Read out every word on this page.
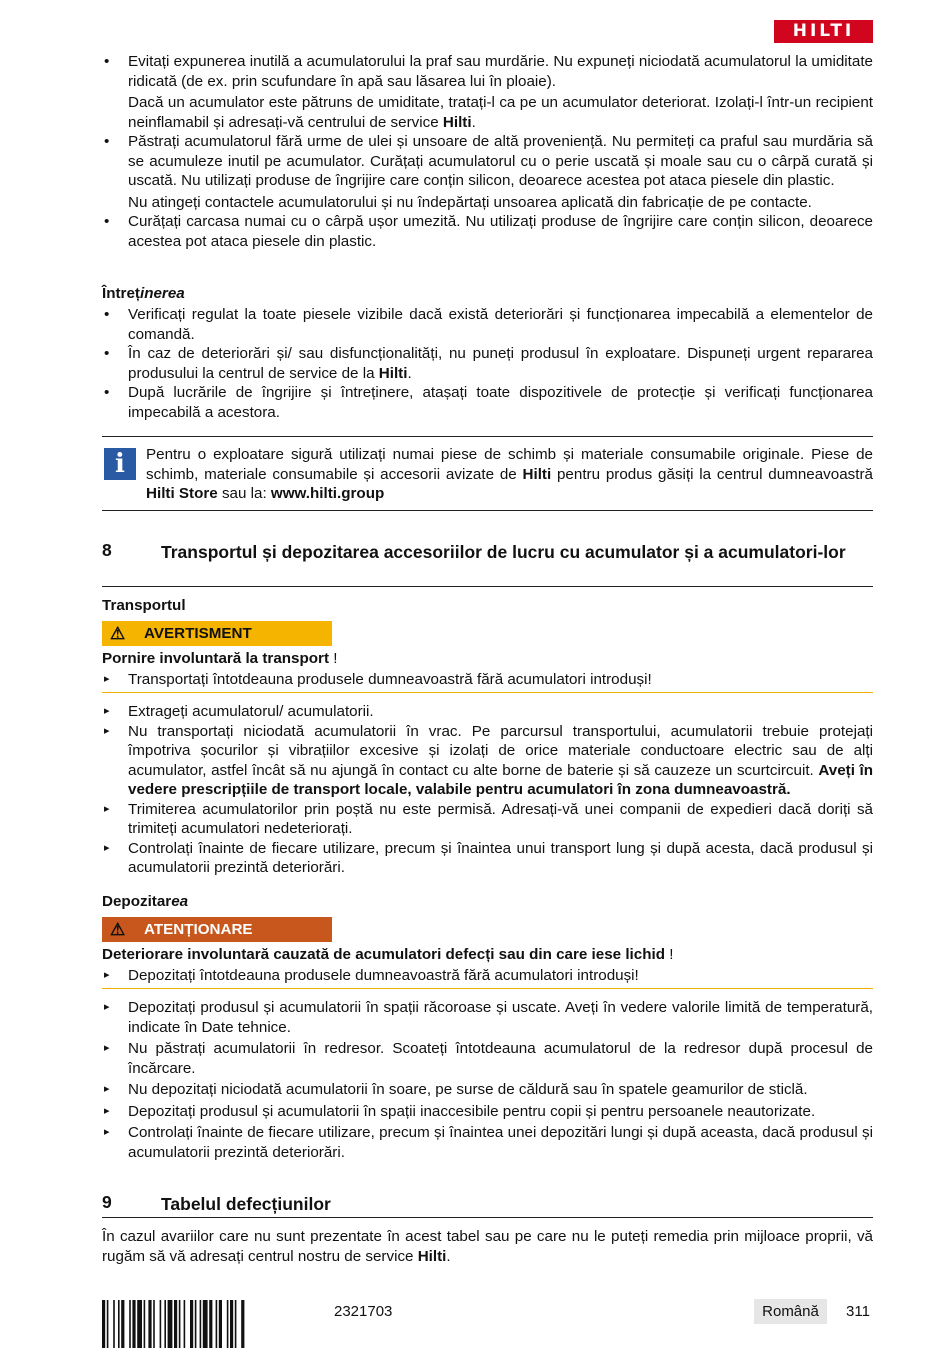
HILTI

• Evitați expunerea inutilă a acumulatorului la praf sau murdărie. Nu expuneți niciodată acumulatorul la umiditate ridicată (de ex. prin scufundare în apă sau lăsarea lui în ploaie).

Dacă un acumulator este pătruns de umiditate, tratați-l ca pe un acumulator deteriorat. Izolați-l într-un recipient neinflamabil și adresați-vă centrului de service Hilti.

• Păstrați acumulatorul fără urme de ulei și unsoare de altă proveniență. Nu permiteți ca praful sau murdăria să se acumuleze inutil pe acumulator. Curățați acumulatorul cu o perie uscată și moale sau cu o cârpă curată și uscată. Nu utilizați produse de îngrijire care conțin silicon, deoarece acestea pot ataca piesele din plastic.

Nu atingeți contactele acumulatorului și nu îndepărtați unsoarea aplicată din fabricație de pe contacte.

• Curățați carcasa numai cu o cârpă ușor umezită. Nu utilizați produse de îngrijire care conțin silicon, deoarece acestea pot ataca piesele din plastic.

Întreținerea

• Verificați regulat la toate piesele vizibile dacă există deteriorări și funcționarea impecabilă a elementelor de comandă.

• În caz de deteriorări și/ sau disfuncționalități, nu puneți produsul în exploatare. Dispuneți urgent repararea produsului la centrul de service de la Hilti.

• După lucrările de îngrijire și întreținere, atașați toate dispozitivele de protecție și verificați funcționarea impecabilă a acestora.

i	Pentru o exploatare sigură utilizați numai piese de schimb și materiale consumabile originale. Piese de schimb, materiale consumabile și accesorii avizate de Hilti pentru produs găsiți la centrul dumneavoastră Hilti Store sau la: www.hilti.group
8	Transportul și depozitarea accesoriilor de lucru cu acumulator și a acumulatori-lor
Transportul
⚠ AVERTISMENT
Pornire involuntară la transport !

▸ Transportați întotdeauna produsele dumneavoastră fără acumulatori introduși!

▸ Extrageți acumulatorul/ acumulatorii.

▸ Nu transportați niciodată acumulatorii în vrac. Pe parcursul transportului, acumulatorii trebuie protejați împotriva șocurilor și vibrațiilor excesive și izolați de orice materiale conductoare electric sau de alți acumulator, astfel încât să nu ajungă în contact cu alte borne de baterie și să cauzeze un scurtcircuit. Aveți în vedere prescripțiile de transport locale, valabile pentru acumulatori în zona dumneavoastră.

▸ Trimiterea acumulatorilor prin poștă nu este permisă. Adresați-vă unei companii de expedieri dacă doriți să trimiteți acumulatori nedeteriorați.

▸ Controlați înainte de fiecare utilizare, precum și înaintea unui transport lung și după acesta, dacă produsul și acumulatorii prezintă deteriorări.

Depozitarea
⚠ ATENȚIONARE
Deteriorare involuntară cauzată de acumulatori defecți sau din care iese lichid !

▸ Depozitați întotdeauna produsele dumneavoastră fără acumulatori introduși!

▸ Depozitați produsul și acumulatorii în spații răcoroase și uscate. Aveți în vedere valorile limită de temperatură, indicate în Date tehnice.

▸ Nu păstrați acumulatorii în redresor. Scoateți întotdeauna acumulatorul de la redresor după procesul de încărcare.

▸ Nu depozitați niciodată acumulatorii în soare, pe surse de căldură sau în spatele geamurilor de sticlă.

▸ Depozitați produsul și acumulatorii în spații inaccesibile pentru copii și pentru persoanele neautorizate.

▸ Controlați înainte de fiecare utilizare, precum și înaintea unei depozitări lungi și după aceasta, dacă produsul și acumulatorii prezintă deteriorări.

9	Tabelul defecțiunilor
În cazul avariilor care nu sunt prezentate în acest tabel sau pe care nu le puteți remedia prin mijloace proprii, vă rugăm să vă adresați centrul nostru de service Hilti.
2321703	Română	311
